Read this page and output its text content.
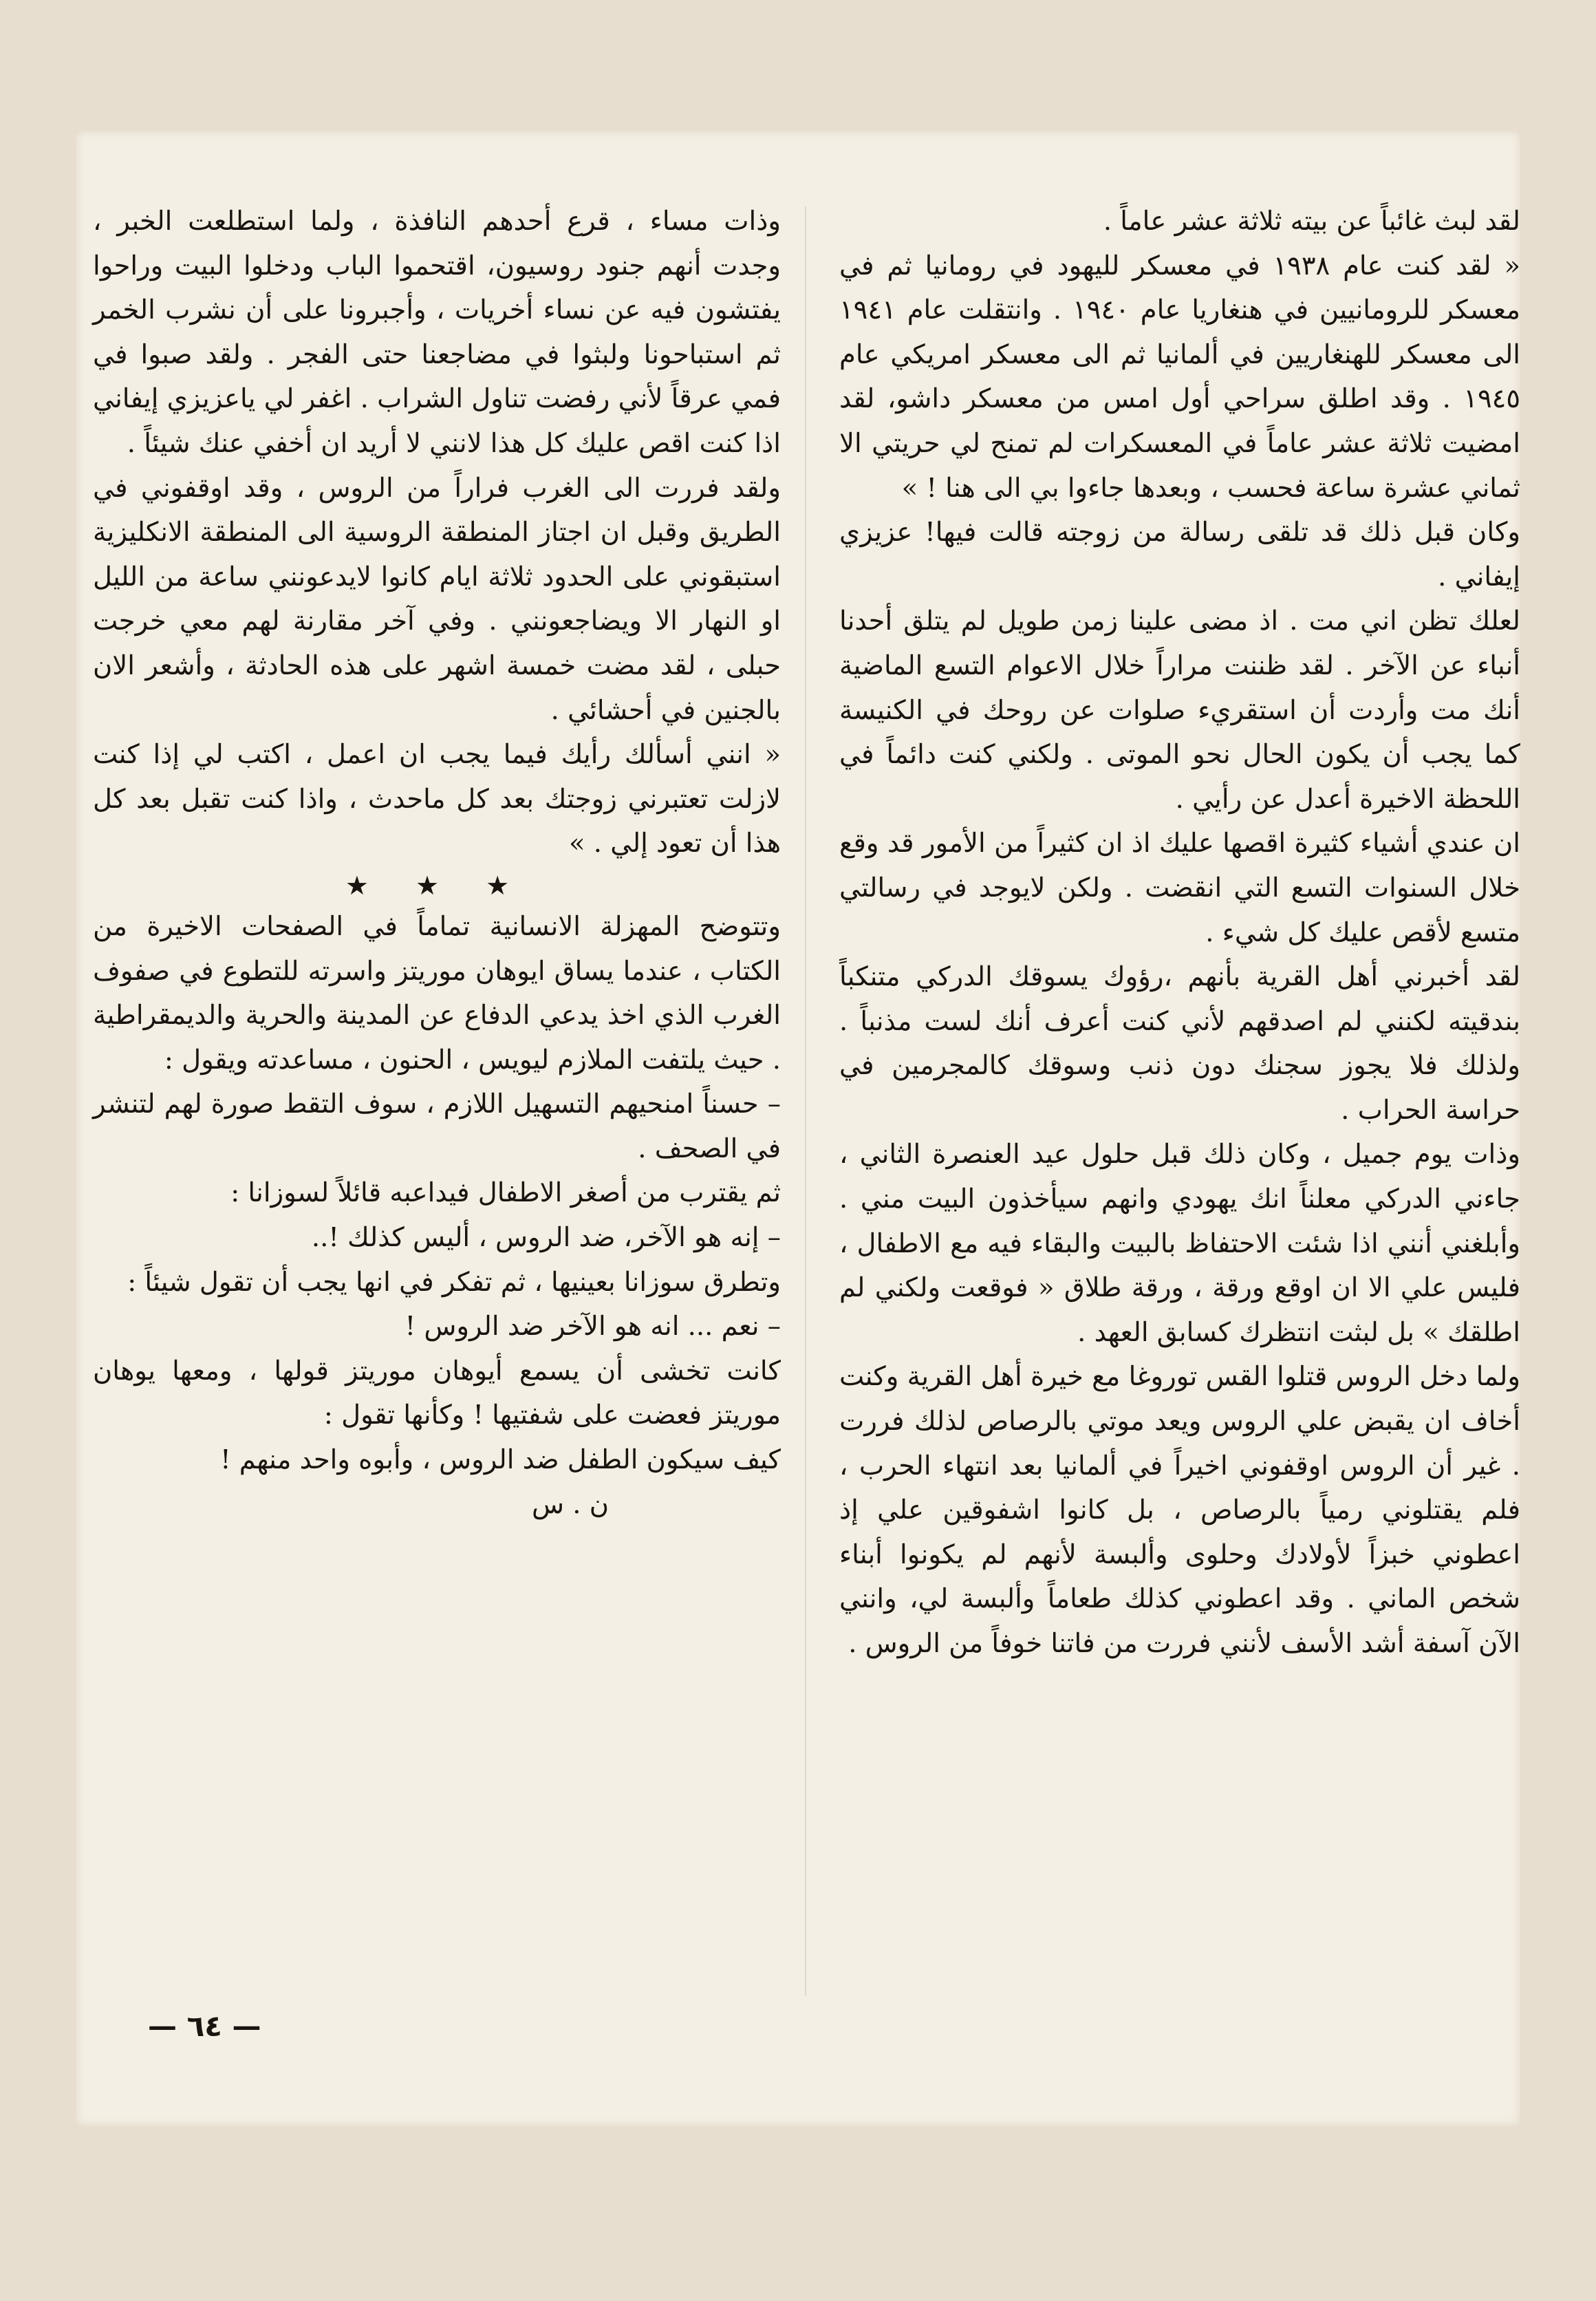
لقد لبث غائباً عن بيته ثلاثة عشر عاماً .

« لقد كنت عام ١٩٣٨ في معسكر لليهود في رومانيا ثم في معسكر للرومانيين في هنغاريا عام ١٩٤٠ . وانتقلت عام ١٩٤١ الى معسكر للهنغاريين في ألمانيا ثم الى معسكر امريكي عام ١٩٤٥ . وقد اطلق سراحي أول امس من معسكر داشو، لقد امضيت ثلاثة عشر عاماً في المعسكرات لم تمنح لي حريتي الا ثماني عشرة ساعة فحسب ، وبعدها جاءوا بي الى هنا ! »

وكان قبل ذلك قد تلقى رسالة من زوجته قالت فيها! عزيزي إيفاني .

لعلك تظن اني مت . اذ مضى علينا زمن طويل لم يتلق أحدنا أنباء عن الآخر . لقد ظننت مراراً خلال الاعوام التسع الماضية أنك مت وأردت أن استقريء صلوات عن روحك في الكنيسة كما يجب أن يكون الحال نحو الموتى . ولكني كنت دائماً في اللحظة الاخيرة أعدل عن رأيي .

ان عندي أشياء كثيرة اقصها عليك اذ ان كثيراً من الأمور قد وقع خلال السنوات التسع التي انقضت . ولكن لايوجد في رسالتي متسع لأقص عليك كل شيء .

لقد أخبرني أهل القرية بأنهم ،رؤوك يسوقك الدركي متنكباً بندقيته لكنني لم اصدقهم لأني كنت أعرف أنك لست مذنباً . ولذلك فلا يجوز سجنك دون ذنب وسوقك كالمجرمين في حراسة الحراب .

وذات يوم جميل ، وكان ذلك قبل حلول عيد العنصرة الثاني ، جاءني الدركي معلناً انك يهودي وانهم سيأخذون البيت مني . وأبلغني أنني اذا شئت الاحتفاظ بالبيت والبقاء فيه مع الاطفال ، فليس علي الا ان اوقع ورقة ، ورقة طلاق « فوقعت ولكني لم اطلقك » بل لبثت انتظرك كسابق العهد .

ولما دخل الروس قتلوا القس توروغا مع خيرة أهل القرية وكنت أخاف ان يقبض علي الروس ويعد موتي بالرصاص لذلك فررت . غير أن الروس اوقفوني اخيراً في ألمانيا بعد انتهاء الحرب ، فلم يقتلوني رمياً بالرصاص ، بل كانوا اشفوقين علي إذ اعطوني خبزاً لأولادك وحلوى وألبسة لأنهم لم يكونوا أبناء شخص الماني . وقد اعطوني كذلك طعاماً وألبسة لي، وانني الآن آسفة أشد الأسف لأنني فررت من فاتنا خوفاً من الروس .

وذات مساء ، قرع أحدهم النافذة ، ولما استطلعت الخبر ، وجدت أنهم جنود روسيون، اقتحموا الباب ودخلوا البيت وراحوا يفتشون فيه عن نساء أخريات ، وأجبرونا على أن نشرب الخمر ثم استباحونا ولبثوا في مضاجعنا حتى الفجر . ولقد صبوا في فمي عرقاً لأني رفضت تناول الشراب . اغفر لي ياعزيزي إيفاني اذا كنت اقص عليك كل هذا لانني لا أريد ان أخفي عنك شيئاً .

ولقد فررت الى الغرب فراراً من الروس ، وقد اوقفوني في الطريق وقبل ان اجتاز المنطقة الروسية الى المنطقة الانكليزية استبقوني على الحدود ثلاثة ايام كانوا لايدعونني ساعة من الليل او النهار الا ويضاجعونني . وفي آخر مقارنة لهم معي خرجت حبلى ، لقد مضت خمسة اشهر على هذه الحادثة ، وأشعر الان بالجنين في أحشائي .

« انني أسألك رأيك فيما يجب ان اعمل ، اكتب لي إذا كنت لازلت تعتبرني زوجتك بعد كل ماحدث ، واذا كنت تقبل بعد كل هذا أن تعود إلي . »

★ ★ ★

وتتوضح المهزلة الانسانية تماماً في الصفحات الاخيرة من الكتاب ، عندما يساق ايوهان موريتز واسرته للتطوع في صفوف الغرب الذي اخذ يدعي الدفاع عن المدينة والحرية والديمقراطية . حيث يلتفت الملازم ليويس ، الحنون ، مساعدته ويقول :

– حسناً امنحيهم التسهيل اللازم ، سوف التقط صورة لهم لتنشر في الصحف .

ثم يقترب من أصغر الاطفال فيداعبه قائلاً لسوزانا :

– إنه هو الآخر، ضد الروس ، أليس كذلك !..

وتطرق سوزانا بعينيها ، ثم تفكر في انها يجب أن تقول شيئاً :

– نعم ... انه هو الآخر ضد الروس !

كانت تخشى أن يسمع أيوهان موريتز قولها ، ومعها يوهان موريتز فعضت على شفتيها ! وكأنها تقول :

كيف سيكون الطفل ضد الروس ، وأبوه واحد منهم !

ن . س

— ٦٤ —
